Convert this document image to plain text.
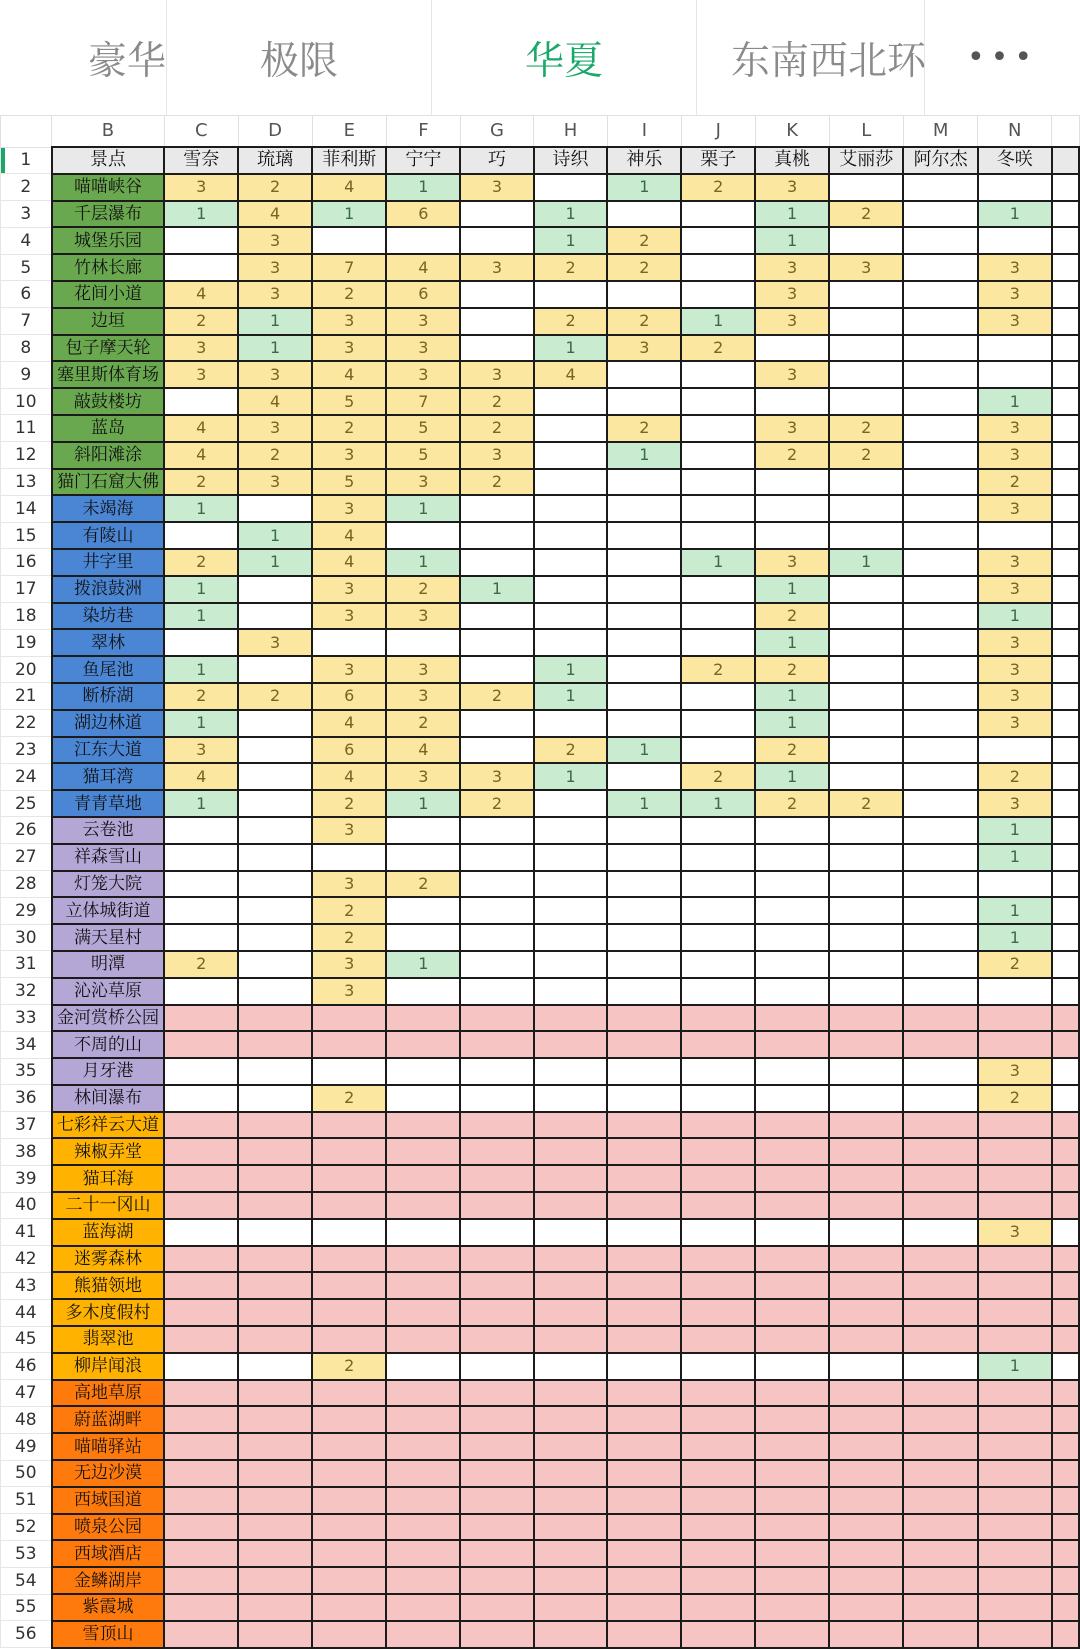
豪华 极限	华夏	东南西北环 •••
	B	C	D	E	F	G	H	I	J	K	L	M	N	
1	景点	雪奈	琉璃	菲利斯	宁宁	巧	诗织	神乐	栗子	真桃	艾丽莎	阿尔杰	冬咲	
2	喵喵峡谷	3	2	4	1	3		1	2	3				
3	千层瀑布	1	4	1	6		1			1	2		1	
4	城堡乐园		3				1	2		1				
5	竹林长廊		3	7	4	3	2	2		3	3		3	
6	花间小道	4	3	2	6					3			3	
7	边垣	2	1	3	3		2	2	1	3			3	
8	包子摩天轮	3	1	3	3		1	3	2					
9	塞里斯体育场	3	3	4	3	3	4			3				
10	敲鼓楼坊		4	5	7	2							1	
11	蓝岛	4	3	2	5	2		2		3	2		3	
12	斜阳滩涂	4	2	3	5	3		1		2	2		3	
13	猫门石窟大佛	2	3	5	3	2							2	
14	未竭海	1		3	1								3	
15	有陵山		1	4										
16	井字里	2	1	4	1				1	3	1		3	
17	拨浪鼓洲	1		3	2	1				1			3	
18	染坊巷	1		3	3					2			1	
19	翠林		3							1			3	
20	鱼尾池	1		3	3		1		2	2			3	
21	断桥湖	2	2	6	3	2	1			1			3	
22	湖边林道	1		4	2					1			3	
23	江东大道	3		6	4		2	1		2				
24	猫耳湾	4		4	3	3	1		2	1			2	
25	青青草地	1		2	1	2		1	1	2	2		3	
26	云卷池			3									1	
27	祥森雪山												1	
28	灯笼大院			3	2									
29	立体城街道			2									1	
30	满天星村			2									1	
31	明潭	2		3	1								2	
32	沁沁草原			3										
33	金河赏桥公园													
34	不周的山													
35	月牙港												3	
36	林间瀑布			2									2	
37	七彩祥云大道													
38	辣椒弄堂													
39	猫耳海													
40	二十一冈山													
41	蓝海湖												3	
42	迷雾森林													
43	熊猫领地													
44	多木度假村													
45	翡翠池													
46	柳岸闻浪			2									1	
47	高地草原													
48	蔚蓝湖畔													
49	喵喵驿站													
50	无边沙漠													
51	西域国道													
52	喷泉公园													
53	西域酒店													
54	金鳞湖岸													
55	紫霞城													
56	雪顶山													
